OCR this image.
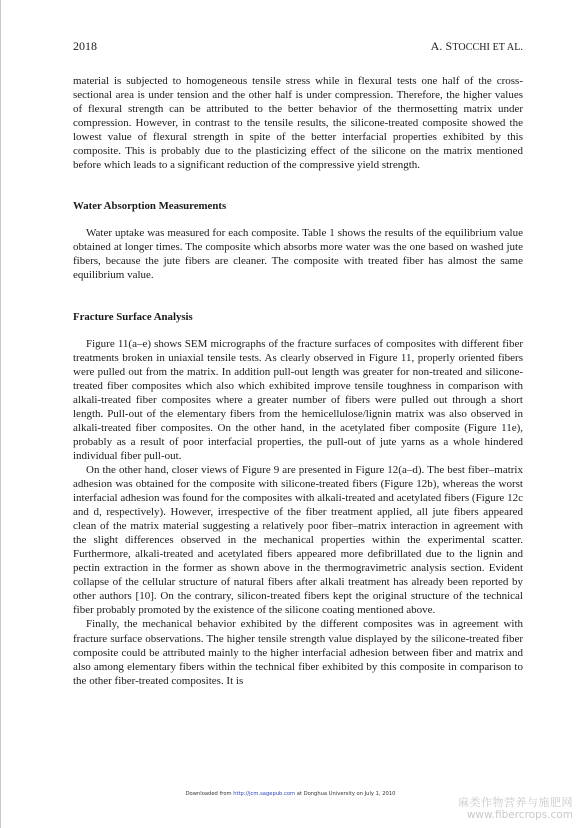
2018	A. STOCCHI ET AL.

material is subjected to homogeneous tensile stress while in flexural tests one half of the cross-sectional area is under tension and the other half is under compression. Therefore, the higher values of flexural strength can be attributed to the better behavior of the thermosetting matrix under compression. However, in contrast to the tensile results, the silicone-treated composite showed the lowest value of flexural strength in spite of the better interfacial properties exhibited by this composite. This is probably due to the plasticizing effect of the silicone on the matrix mentioned before which leads to a significant reduction of the compressive yield strength.

Water Absorption Measurements

Water uptake was measured for each composite. Table 1 shows the results of the equilibrium value obtained at longer times. The composite which absorbs more water was the one based on washed jute fibers, because the jute fibers are cleaner. The composite with treated fiber has almost the same equilibrium value.

Fracture Surface Analysis

Figure 11(a–e) shows SEM micrographs of the fracture surfaces of composites with different fiber treatments broken in uniaxial tensile tests. As clearly observed in Figure 11, properly oriented fibers were pulled out from the matrix. In addition pull-out length was greater for non-treated and silicone-treated fiber composites which also which exhibited improve tensile toughness in comparison with alkali-treated fiber composites where a greater number of fibers were pulled out through a short length. Pull-out of the elementary fibers from the hemicellulose/lignin matrix was also observed in alkali-treated fiber composites. On the other hand, in the acetylated fiber composite (Figure 11e), probably as a result of poor interfacial properties, the pull-out of jute yarns as a whole hindered individual fiber pull-out.

On the other hand, closer views of Figure 9 are presented in Figure 12(a–d). The best fiber–matrix adhesion was obtained for the composite with silicone-treated fibers (Figure 12b), whereas the worst interfacial adhesion was found for the composites with alkali-treated and acetylated fibers (Figure 12c and d, respectively). However, irrespective of the fiber treatment applied, all jute fibers appeared clean of the matrix material suggesting a relatively poor fiber–matrix interaction in agreement with the slight differences observed in the mechanical properties within the experimental scatter. Furthermore, alkali-treated and acetylated fibers appeared more defibrillated due to the lignin and pectin extraction in the former as shown above in the thermogravimetric analysis section. Evident collapse of the cellular structure of natural fibers after alkali treatment has already been reported by other authors [10]. On the contrary, silicon-treated fibers kept the original structure of the technical fiber probably promoted by the existence of the silicone coating mentioned above.

Finally, the mechanical behavior exhibited by the different composites was in agreement with fracture surface observations. The higher tensile strength value displayed by the silicone-treated fiber composite could be attributed mainly to the higher interfacial adhesion between fiber and matrix and also among elementary fibers within the technical fiber exhibited by this composite in comparison to the other fiber-treated composites. It is

Downloaded from http://jcm.sagepub.com at Donghua University on July 1, 2010
麻类作物营养与施肥网
www.fibercrops.com
